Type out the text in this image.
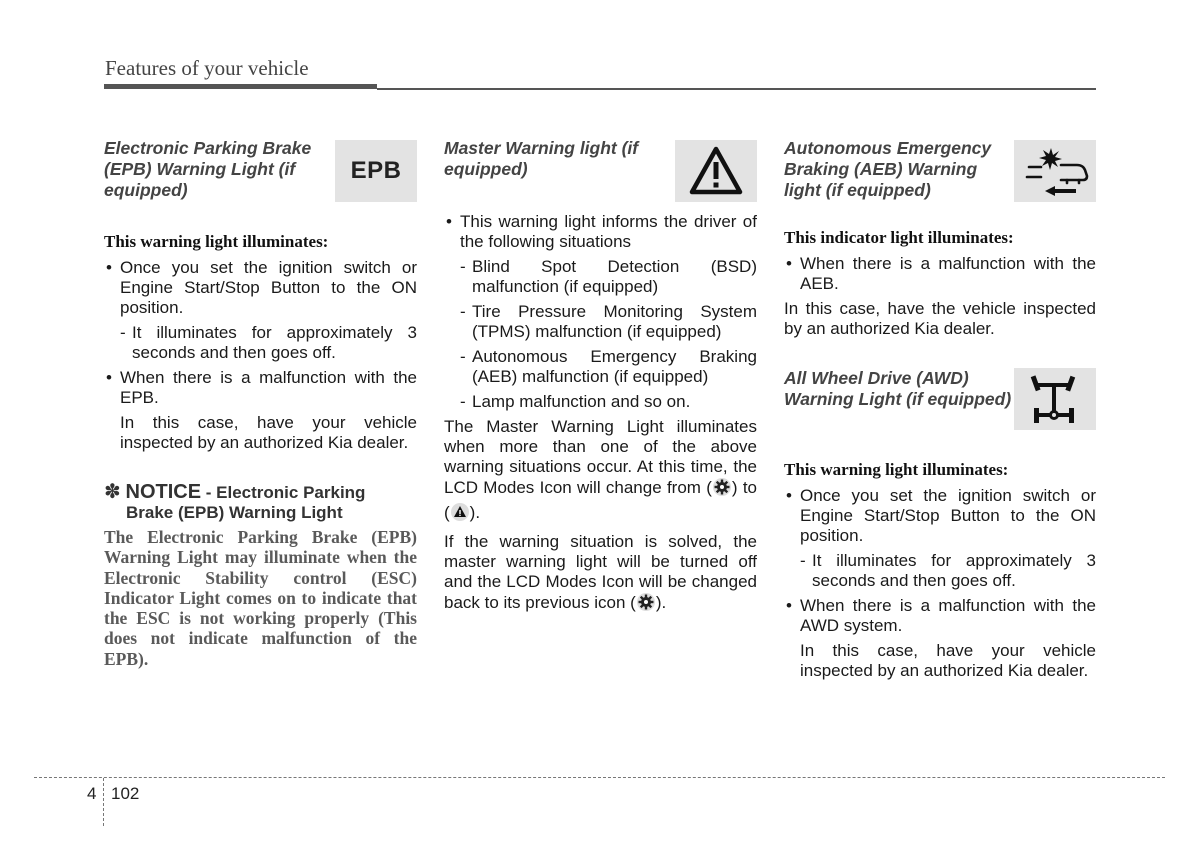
Features of your vehicle

Electronic Parking Brake (EPB) Warning Light (if equipped)

EPB

This warning light illuminates:

• Once you set the ignition switch or Engine Start/Stop Button to the ON position.

- It illuminates for approximately 3 seconds and then goes off.

• When there is a malfunction with the EPB.

In this case, have your vehicle inspected by an authorized Kia dealer.

✽ NOTICE - Electronic Parking

Brake (EPB) Warning Light

The Electronic Parking Brake (EPB) Warning Light may illuminate when the Electronic Stability control (ESC) Indicator Light comes on to indicate that the ESC is not working properly (This does not indicate malfunction of the EPB).

Master Warning light (if equipped)

• This warning light informs the driver of the following situations

- Blind Spot Detection (BSD) malfunction (if equipped)

- Tire Pressure Monitoring System (TPMS) malfunction (if equipped)

- Autonomous Emergency Braking (AEB) malfunction (if equipped)

- Lamp malfunction and so on.

The Master Warning Light illuminates when more than one of the above warning situations occur. At this time, the LCD Modes Icon will change from ( ) to ( ).

If the warning situation is solved, the master warning light will be turned off and the LCD Modes Icon will be changed back to its previous icon ( ).

Autonomous Emergency Braking (AEB) Warning light (if equipped)

This indicator light illuminates:

• When there is a malfunction with the AEB.

In this case, have the vehicle inspected by an authorized Kia dealer.

All Wheel Drive (AWD) Warning Light (if equipped)

This warning light illuminates:

• Once you set the ignition switch or Engine Start/Stop Button to the ON position.

- It illuminates for approximately 3 seconds and then goes off.

• When there is a malfunction with the AWD system.

In this case, have your vehicle inspected by an authorized Kia dealer.

4 102
